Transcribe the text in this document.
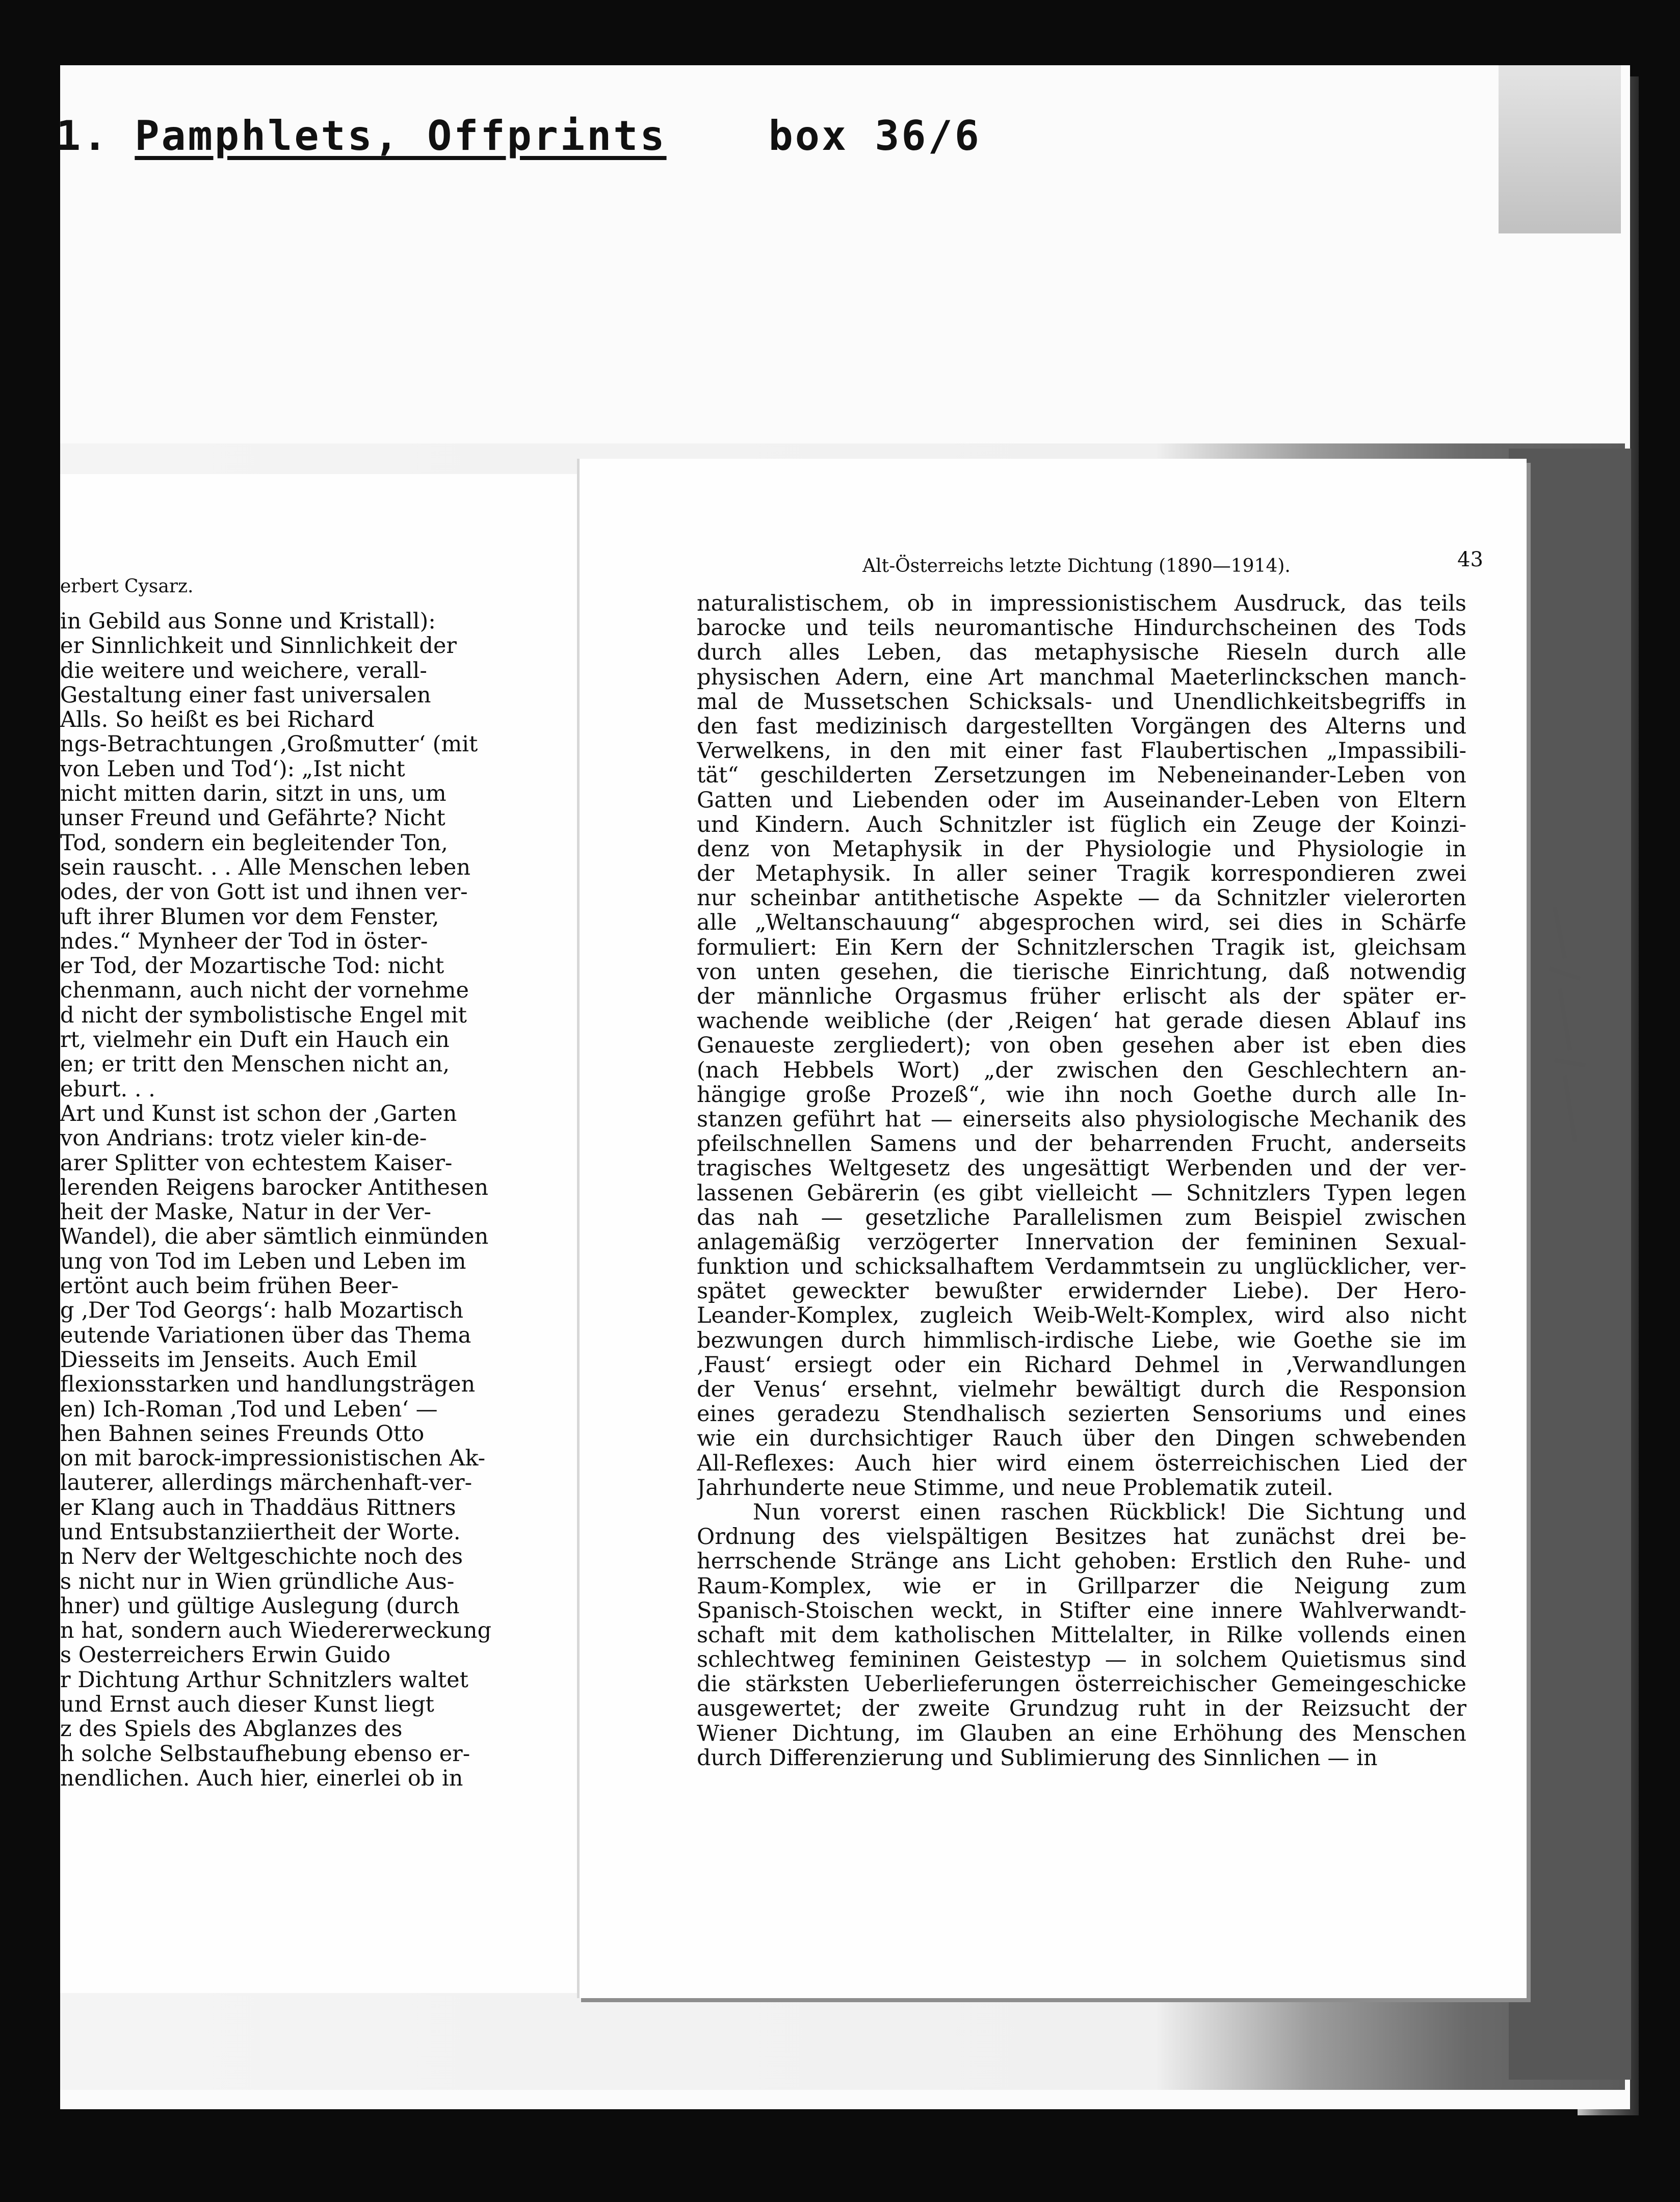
1. Pamphlets, Offprints	box 36/6
erbert Cysarz.
in Gebild aus Sonne und Kristall):
er Sinnlichkeit und Sinnlichkeit der
die weitere und weichere, verall-
Gestaltung einer fast universalen
Alls. So heißt es bei Richard
ngs-Betrachtungen ‚Großmutter‘ (mit
von Leben und Tod‘): „Ist nicht
nicht mitten darin, sitzt in uns, um
unser Freund und Gefährte? Nicht
Tod, sondern ein begleitender Ton,
sein rauscht. . . Alle Menschen leben
odes, der von Gott ist und ihnen ver-
uft ihrer Blumen vor dem Fenster,
ndes.“ Mynheer der Tod in öster-
er Tod, der Mozartische Tod: nicht
chenmann, auch nicht der vornehme
d nicht der symbolistische Engel mit
rt, vielmehr ein Duft ein Hauch ein
en; er tritt den Menschen nicht an,
eburt. . .
Art und Kunst ist schon der ‚Garten
von Andrians: trotz vieler kin-de-
arer Splitter von echtestem Kaiser-
lerenden Reigens barocker Antithesen
heit der Maske, Natur in der Ver-
Wandel), die aber sämtlich einmünden
ung von Tod im Leben und Leben im
ertönt auch beim frühen Beer-
g ‚Der Tod Georgs‘: halb Mozartisch
eutende Variationen über das Thema
Diesseits im Jenseits. Auch Emil
flexionsstarken und handlungsträgen
en) Ich-Roman ‚Tod und Leben‘ —
hen Bahnen seines Freunds Otto
on mit barock-impressionistischen Ak-
lauterer, allerdings märchenhaft-ver-
er Klang auch in Thaddäus Rittners
und Entsubstanziiertheit der Worte.
n Nerv der Weltgeschichte noch des
s nicht nur in Wien gründliche Aus-
hner) und gültige Auslegung (durch
n hat, sondern auch Wiedererweckung
s Oesterreichers Erwin Guido
r Dichtung Arthur Schnitzlers waltet
und Ernst auch dieser Kunst liegt
z des Spiels des Abglanzes des
h solche Selbstaufhebung ebenso er-
nendlichen. Auch hier, einerlei ob in
Alt-Österreichs letzte Dichtung (1890—1914).	43
naturalistischem, ob in impressionistischem Ausdruck, das teils
barocke und teils neuromantische Hindurchscheinen des Tods
durch alles Leben, das metaphysische Rieseln durch alle
physischen Adern, eine Art manchmal Maeterlinckschen manch-
mal de Mussetschen Schicksals- und Unendlichkeitsbegriffs in
den fast medizinisch dargestellten Vorgängen des Alterns und
Verwelkens, in den mit einer fast Flaubertischen „Impassibili-
tät“ geschilderten Zersetzungen im Nebeneinander-Leben von
Gatten und Liebenden oder im Auseinander-Leben von Eltern
und Kindern. Auch Schnitzler ist füglich ein Zeuge der Koinzi-
denz von Metaphysik in der Physiologie und Physiologie in
der Metaphysik. In aller seiner Tragik korrespondieren zwei
nur scheinbar antithetische Aspekte — da Schnitzler vielerorten
alle „Weltanschauung“ abgesprochen wird, sei dies in Schärfe
formuliert: Ein Kern der Schnitzlerschen Tragik ist, gleichsam
von unten gesehen, die tierische Einrichtung, daß notwendig
der männliche Orgasmus früher erlischt als der später er-
wachende weibliche (der ‚Reigen‘ hat gerade diesen Ablauf ins
Genaueste zergliedert); von oben gesehen aber ist eben dies
(nach Hebbels Wort) „der zwischen den Geschlechtern an-
hängige große Prozeß“, wie ihn noch Goethe durch alle In-
stanzen geführt hat — einerseits also physiologische Mechanik des
pfeilschnellen Samens und der beharrenden Frucht, anderseits
tragisches Weltgesetz des ungesättigt Werbenden und der ver-
lassenen Gebärerin (es gibt vielleicht — Schnitzlers Typen legen
das nah — gesetzliche Parallelismen zum Beispiel zwischen
anlagemäßig verzögerter Innervation der femininen Sexual-
funktion und schicksalhaftem Verdammtsein zu unglücklicher, ver-
spätet geweckter bewußter erwidernder Liebe). Der Hero-
Leander-Komplex, zugleich Weib-Welt-Komplex, wird also nicht
bezwungen durch himmlisch-irdische Liebe, wie Goethe sie im
‚Faust‘ ersiegt oder ein Richard Dehmel in ‚Verwandlungen
der Venus‘ ersehnt, vielmehr bewältigt durch die Responsion
eines geradezu Stendhalisch sezierten Sensoriums und eines
wie ein durchsichtiger Rauch über den Dingen schwebenden
All-Reflexes: Auch hier wird einem österreichischen Lied der
Jahrhunderte neue Stimme, und neue Problematik zuteil.
Nun vorerst einen raschen Rückblick! Die Sichtung und
Ordnung des vielspältigen Besitzes hat zunächst drei be-
herrschende Stränge ans Licht gehoben: Erstlich den Ruhe- und
Raum-Komplex, wie er in Grillparzer die Neigung zum
Spanisch-Stoischen weckt, in Stifter eine innere Wahlverwandt-
schaft mit dem katholischen Mittelalter, in Rilke vollends einen
schlechtweg femininen Geistestyp — in solchem Quietismus sind
die stärksten Ueberlieferungen österreichischer Gemeingeschicke
ausgewertet; der zweite Grundzug ruht in der Reizsucht der
Wiener Dichtung, im Glauben an eine Erhöhung des Menschen
durch Differenzierung und Sublimierung des Sinnlichen — in
